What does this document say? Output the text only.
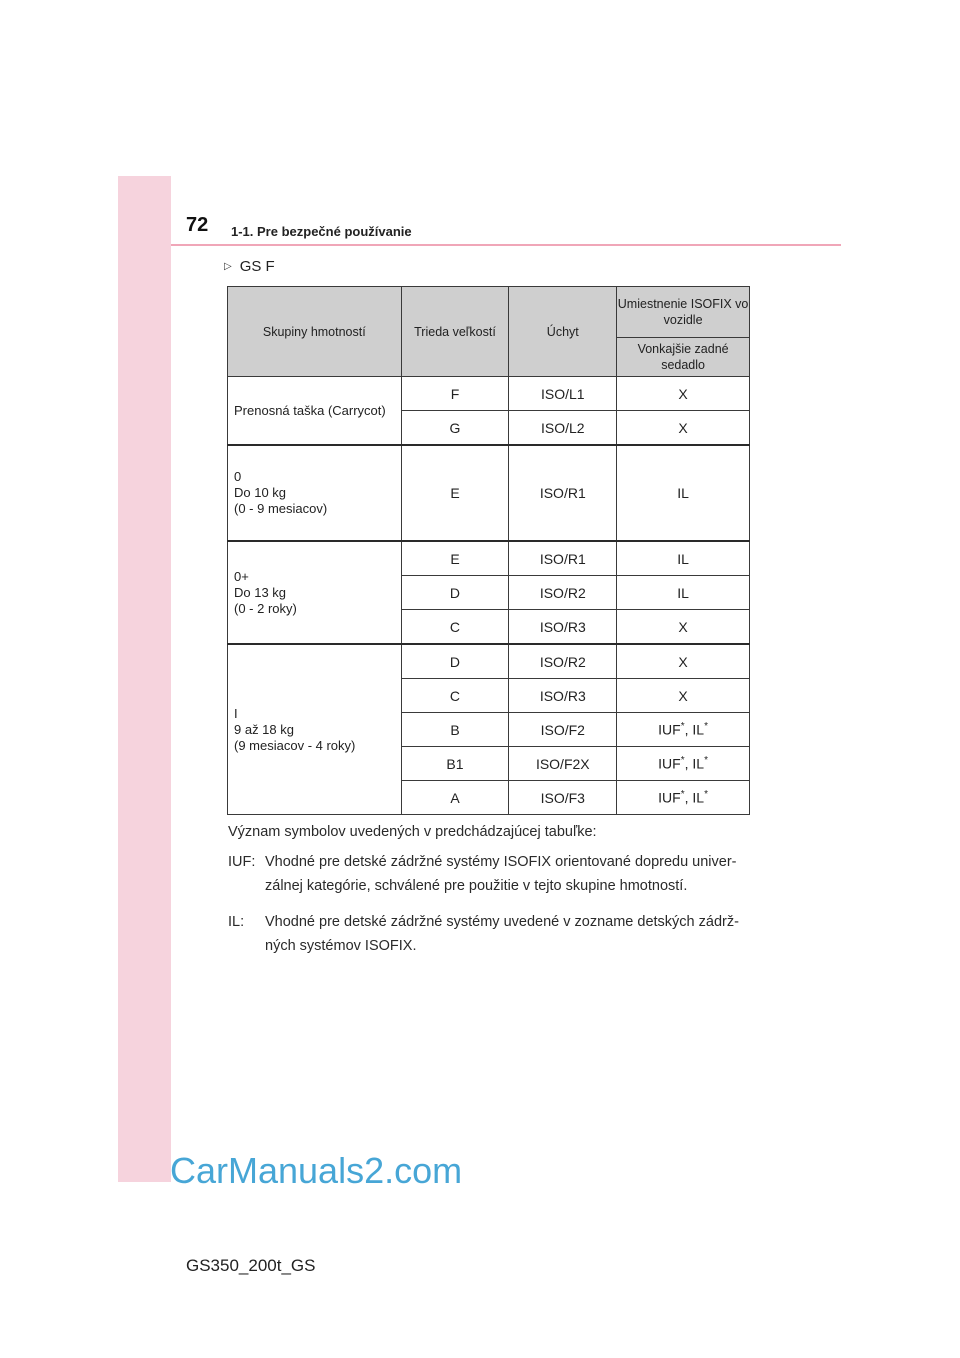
72 1-1. Pre bezpečné používanie
▷ GS F
Skupiny hmotností	Trieda veľkostí	Úchyt	Umiestnenie ISOFIX vo vozidle
			Vonkajšie zadné sedadlo
Prenosná taška (Carrycot)	F	ISO/L1	X
	G	ISO/L2	X
0
Do 10 kg
(0 - 9 mesiacov)	E	ISO/R1	IL
0+
Do 13 kg
(0 - 2 roky)	E	ISO/R1	IL
	D	ISO/R2	IL
	C	ISO/R3	X
I
9 až 18 kg
(9 mesiacov - 4 roky)	D	ISO/R2	X
	C	ISO/R3	X
	B	ISO/F2	IUF*, IL*
	B1	ISO/F2X	IUF*, IL*
	A	ISO/F3	IUF*, IL*

Význam symbolov uvedených v predchádzajúcej tabuľke:

IUF: Vhodné pre detské zádržné systémy ISOFIX orientované dopredu univer-zálnej kategórie, schválené pre použitie v tejto skupine hmotností.
IL:	Vhodné pre detské zádržné systémy uvedené v zozname detských zádrž-ných systémov ISOFIX.
CarManuals2.com
GS350_200t_GS
